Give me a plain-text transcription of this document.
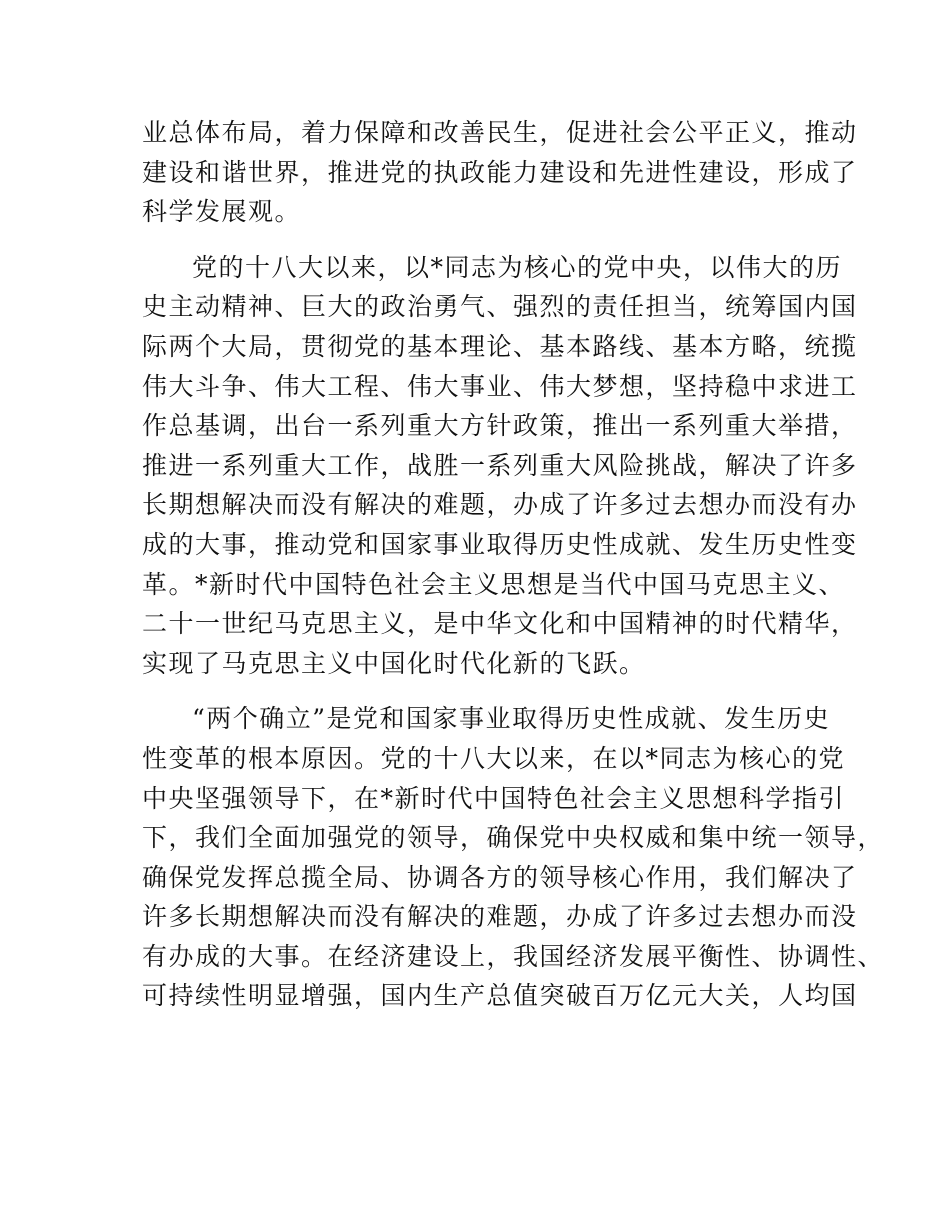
业总体布局，着力保障和改善民生，促进社会公平正义，推动
建设和谐世界，推进党的执政能力建设和先进性建设，形成了
科学发展观。
党的十八大以来，以*同志为核心的党中央，以伟大的历
史主动精神、巨大的政治勇气、强烈的责任担当，统筹国内国
际两个大局，贯彻党的基本理论、基本路线、基本方略，统揽
伟大斗争、伟大工程、伟大事业、伟大梦想，坚持稳中求进工
作总基调，出台一系列重大方针政策，推出一系列重大举措，
推进一系列重大工作，战胜一系列重大风险挑战，解决了许多
长期想解决而没有解决的难题，办成了许多过去想办而没有办
成的大事，推动党和国家事业取得历史性成就、发生历史性变
革。*新时代中国特色社会主义思想是当代中国马克思主义、
二十一世纪马克思主义，是中华文化和中国精神的时代精华，
实现了马克思主义中国化时代化新的飞跃。
“两个确立”是党和国家事业取得历史性成就、发生历史
性变革的根本原因。党的十八大以来，在以*同志为核心的党
中央坚强领导下，在*新时代中国特色社会主义思想科学指引
下，我们全面加强党的领导，确保党中央权威和集中统一领导，
确保党发挥总揽全局、协调各方的领导核心作用，我们解决了
许多长期想解决而没有解决的难题，办成了许多过去想办而没
有办成的大事。在经济建设上，我国经济发展平衡性、协调性、
可持续性明显增强，国内生产总值突破百万亿元大关，人均国
